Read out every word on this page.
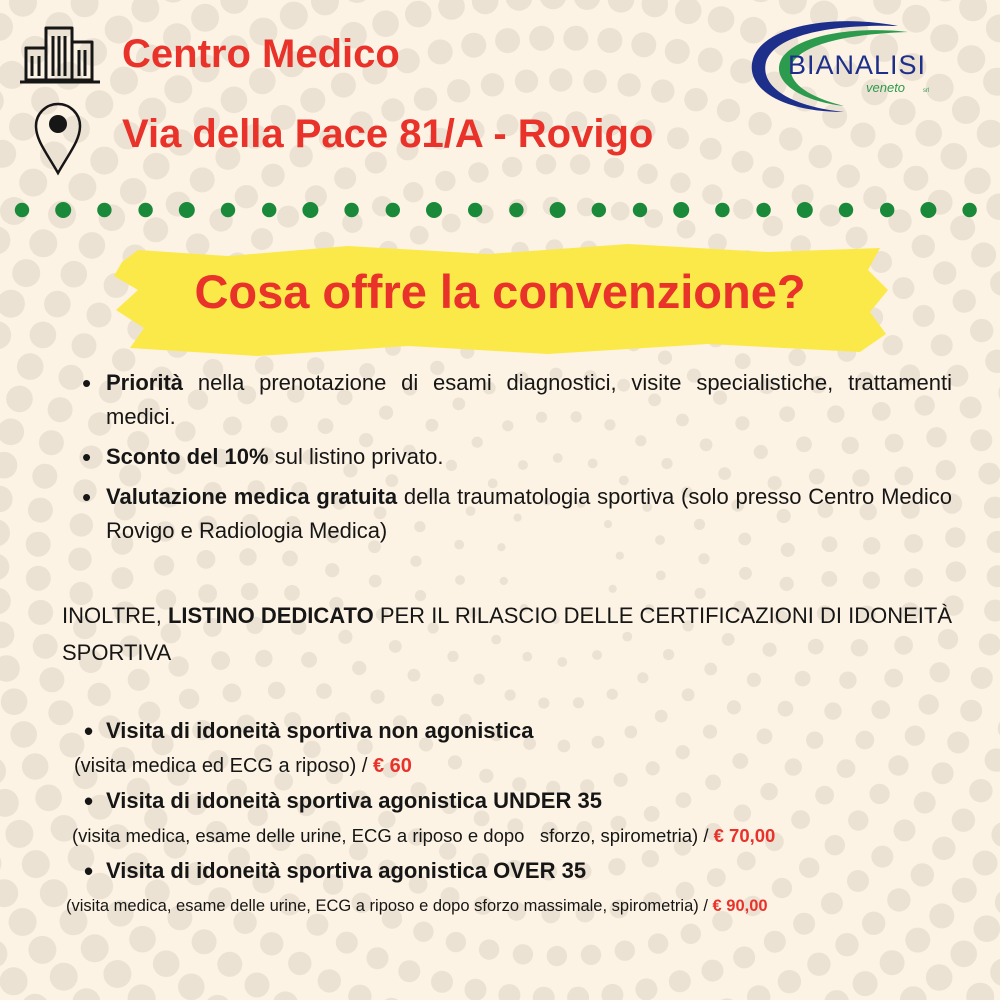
Centro Medico
Via della Pace 81/A - Rovigo
BIANALISI
veneto	srl
Cosa offre la convenzione?
• Priorità nella prenotazione di esami diagnostici, visite specialistiche, trattamenti medici.
• Sconto del 10% sul listino privato.
• Valutazione medica gratuita della traumatologia sportiva (solo presso Centro Medico Rovigo e Radiologia Medica)
INOLTRE, LISTINO DEDICATO PER IL RILASCIO DELLE CERTIFICAZIONI DI IDONEITÀ SPORTIVA
• Visita di idoneità sportiva non agonistica
(visita medica ed ECG a riposo) / € 60
• Visita di idoneità sportiva agonistica UNDER 35
(visita medica, esame delle urine, ECG a riposo e dopo   sforzo, spirometria) / € 70,00
• Visita di idoneità sportiva agonistica OVER 35
(visita medica, esame delle urine, ECG a riposo e dopo sforzo massimale, spirometria) / € 90,00
